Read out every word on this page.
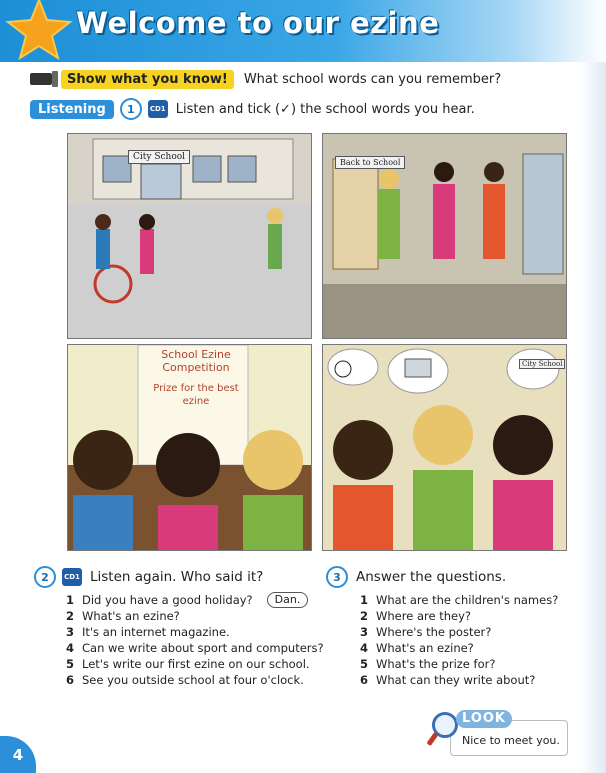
Welcome to our ezine
Show what you know!	What school words can you remember?
Listening	1	CD1 Listen and tick (✓) the school words you hear.
City School
Back to School
School Ezine Competition
Prize for the best ezine
City School
2	CD1 Listen again. Who said it?
1 Did you have a good holiday?	Dan.
2 What's an ezine?
3 It's an internet magazine.
4 Can we write about sport and computers?
5 Let's write our first ezine on our school.
6 See you outside school at four o'clock.
3	Answer the questions.
1 What are the children's names?
2 Where are they?
3 Where's the poster?
4 What's an ezine?
5 What's the prize for?
6 What can they write about?
LOOK
Nice to meet you.
4
